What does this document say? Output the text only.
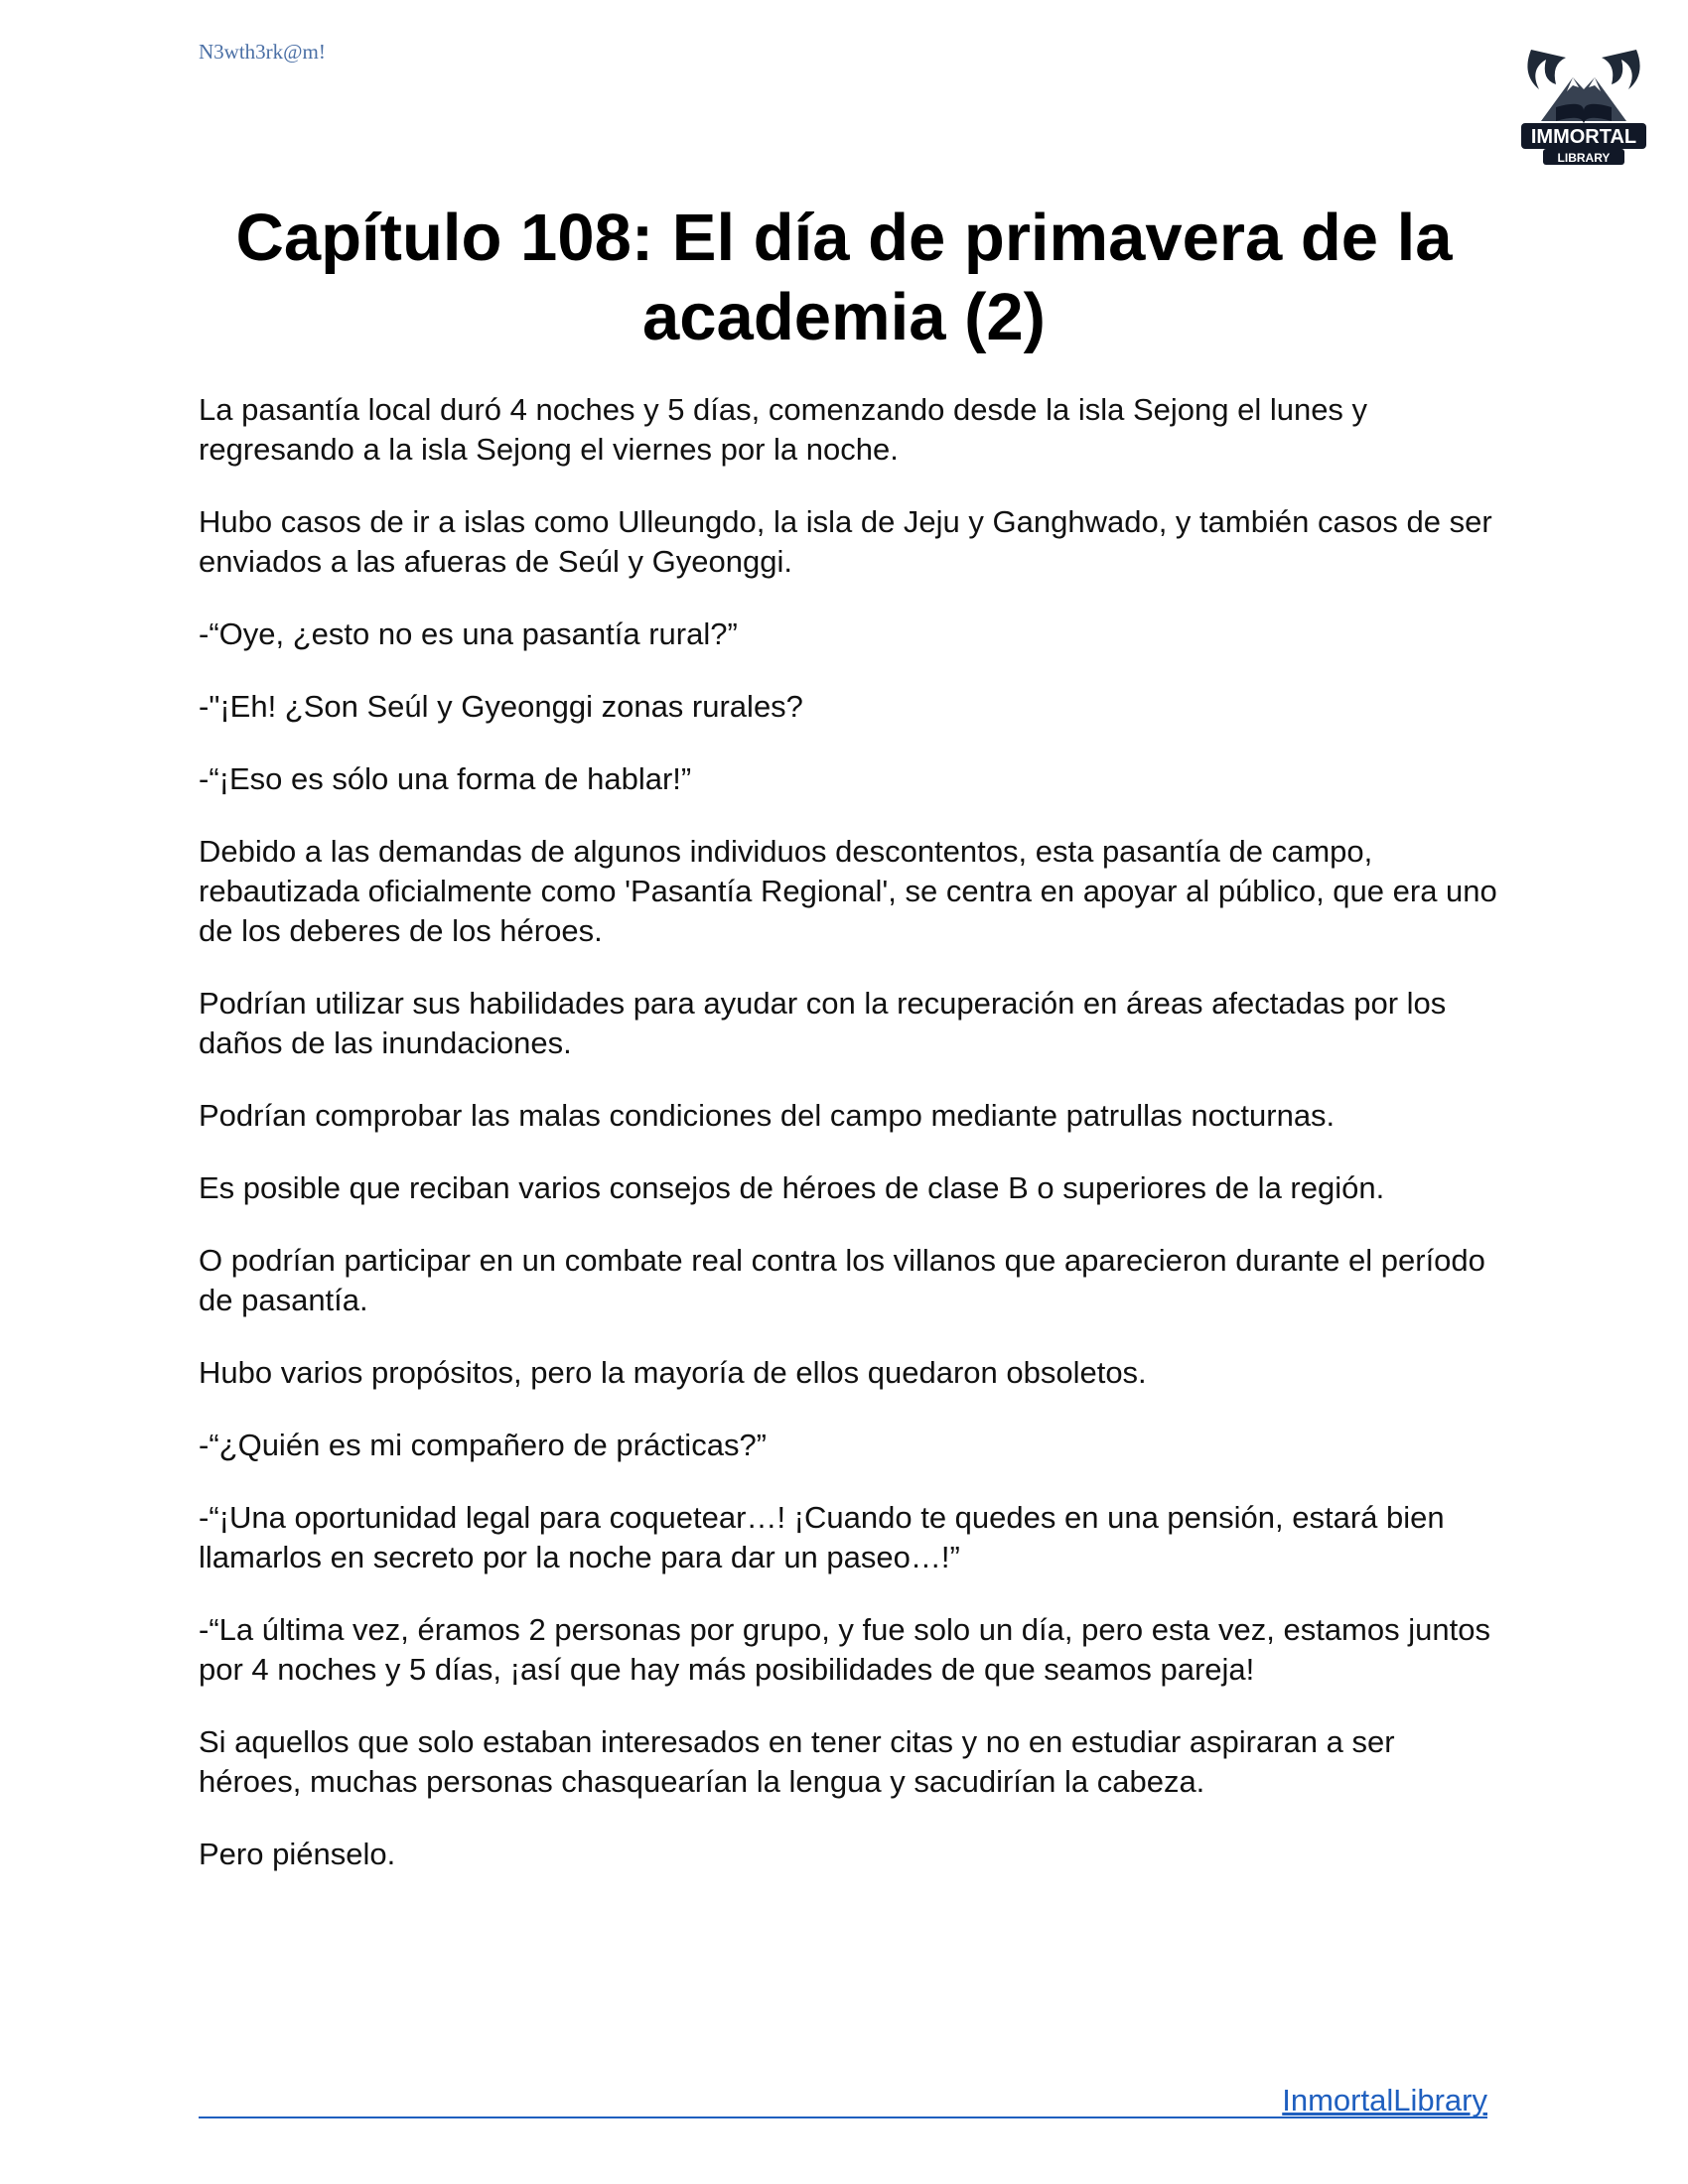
N3wth3rk@m!
IMMORTAL
LIBRARY
Capítulo 108: El día de primavera de la academia (2)

La pasantía local duró 4 noches y 5 días, comenzando desde la isla Sejong el lunes y regresando a la isla Sejong el viernes por la noche.

Hubo casos de ir a islas como Ulleungdo, la isla de Jeju y Ganghwado, y también casos de ser enviados a las afueras de Seúl y Gyeonggi.

-“Oye, ¿esto no es una pasantía rural?”

-"¡Eh! ¿Son Seúl y Gyeonggi zonas rurales?

-“¡Eso es sólo una forma de hablar!”

Debido a las demandas de algunos individuos descontentos, esta pasantía de campo, rebautizada oficialmente como 'Pasantía Regional', se centra en apoyar al público, que era uno de los deberes de los héroes.

Podrían utilizar sus habilidades para ayudar con la recuperación en áreas afectadas por los daños de las inundaciones.

Podrían comprobar las malas condiciones del campo mediante patrullas nocturnas.

Es posible que reciban varios consejos de héroes de clase B o superiores de la región.

O podrían participar en un combate real contra los villanos que aparecieron durante el período de pasantía.

Hubo varios propósitos, pero la mayoría de ellos quedaron obsoletos.

-“¿Quién es mi compañero de prácticas?”

-“¡Una oportunidad legal para coquetear…! ¡Cuando te quedes en una pensión, estará bien llamarlos en secreto por la noche para dar un paseo…!”

-“La última vez, éramos 2 personas por grupo, y fue solo un día, pero esta vez, estamos juntos por 4 noches y 5 días, ¡así que hay más posibilidades de que seamos pareja!

Si aquellos que solo estaban interesados en tener citas y no en estudiar aspiraran a ser héroes, muchas personas chasquearían la lengua y sacudirían la cabeza.

Pero piénselo.

InmortalLibrary
